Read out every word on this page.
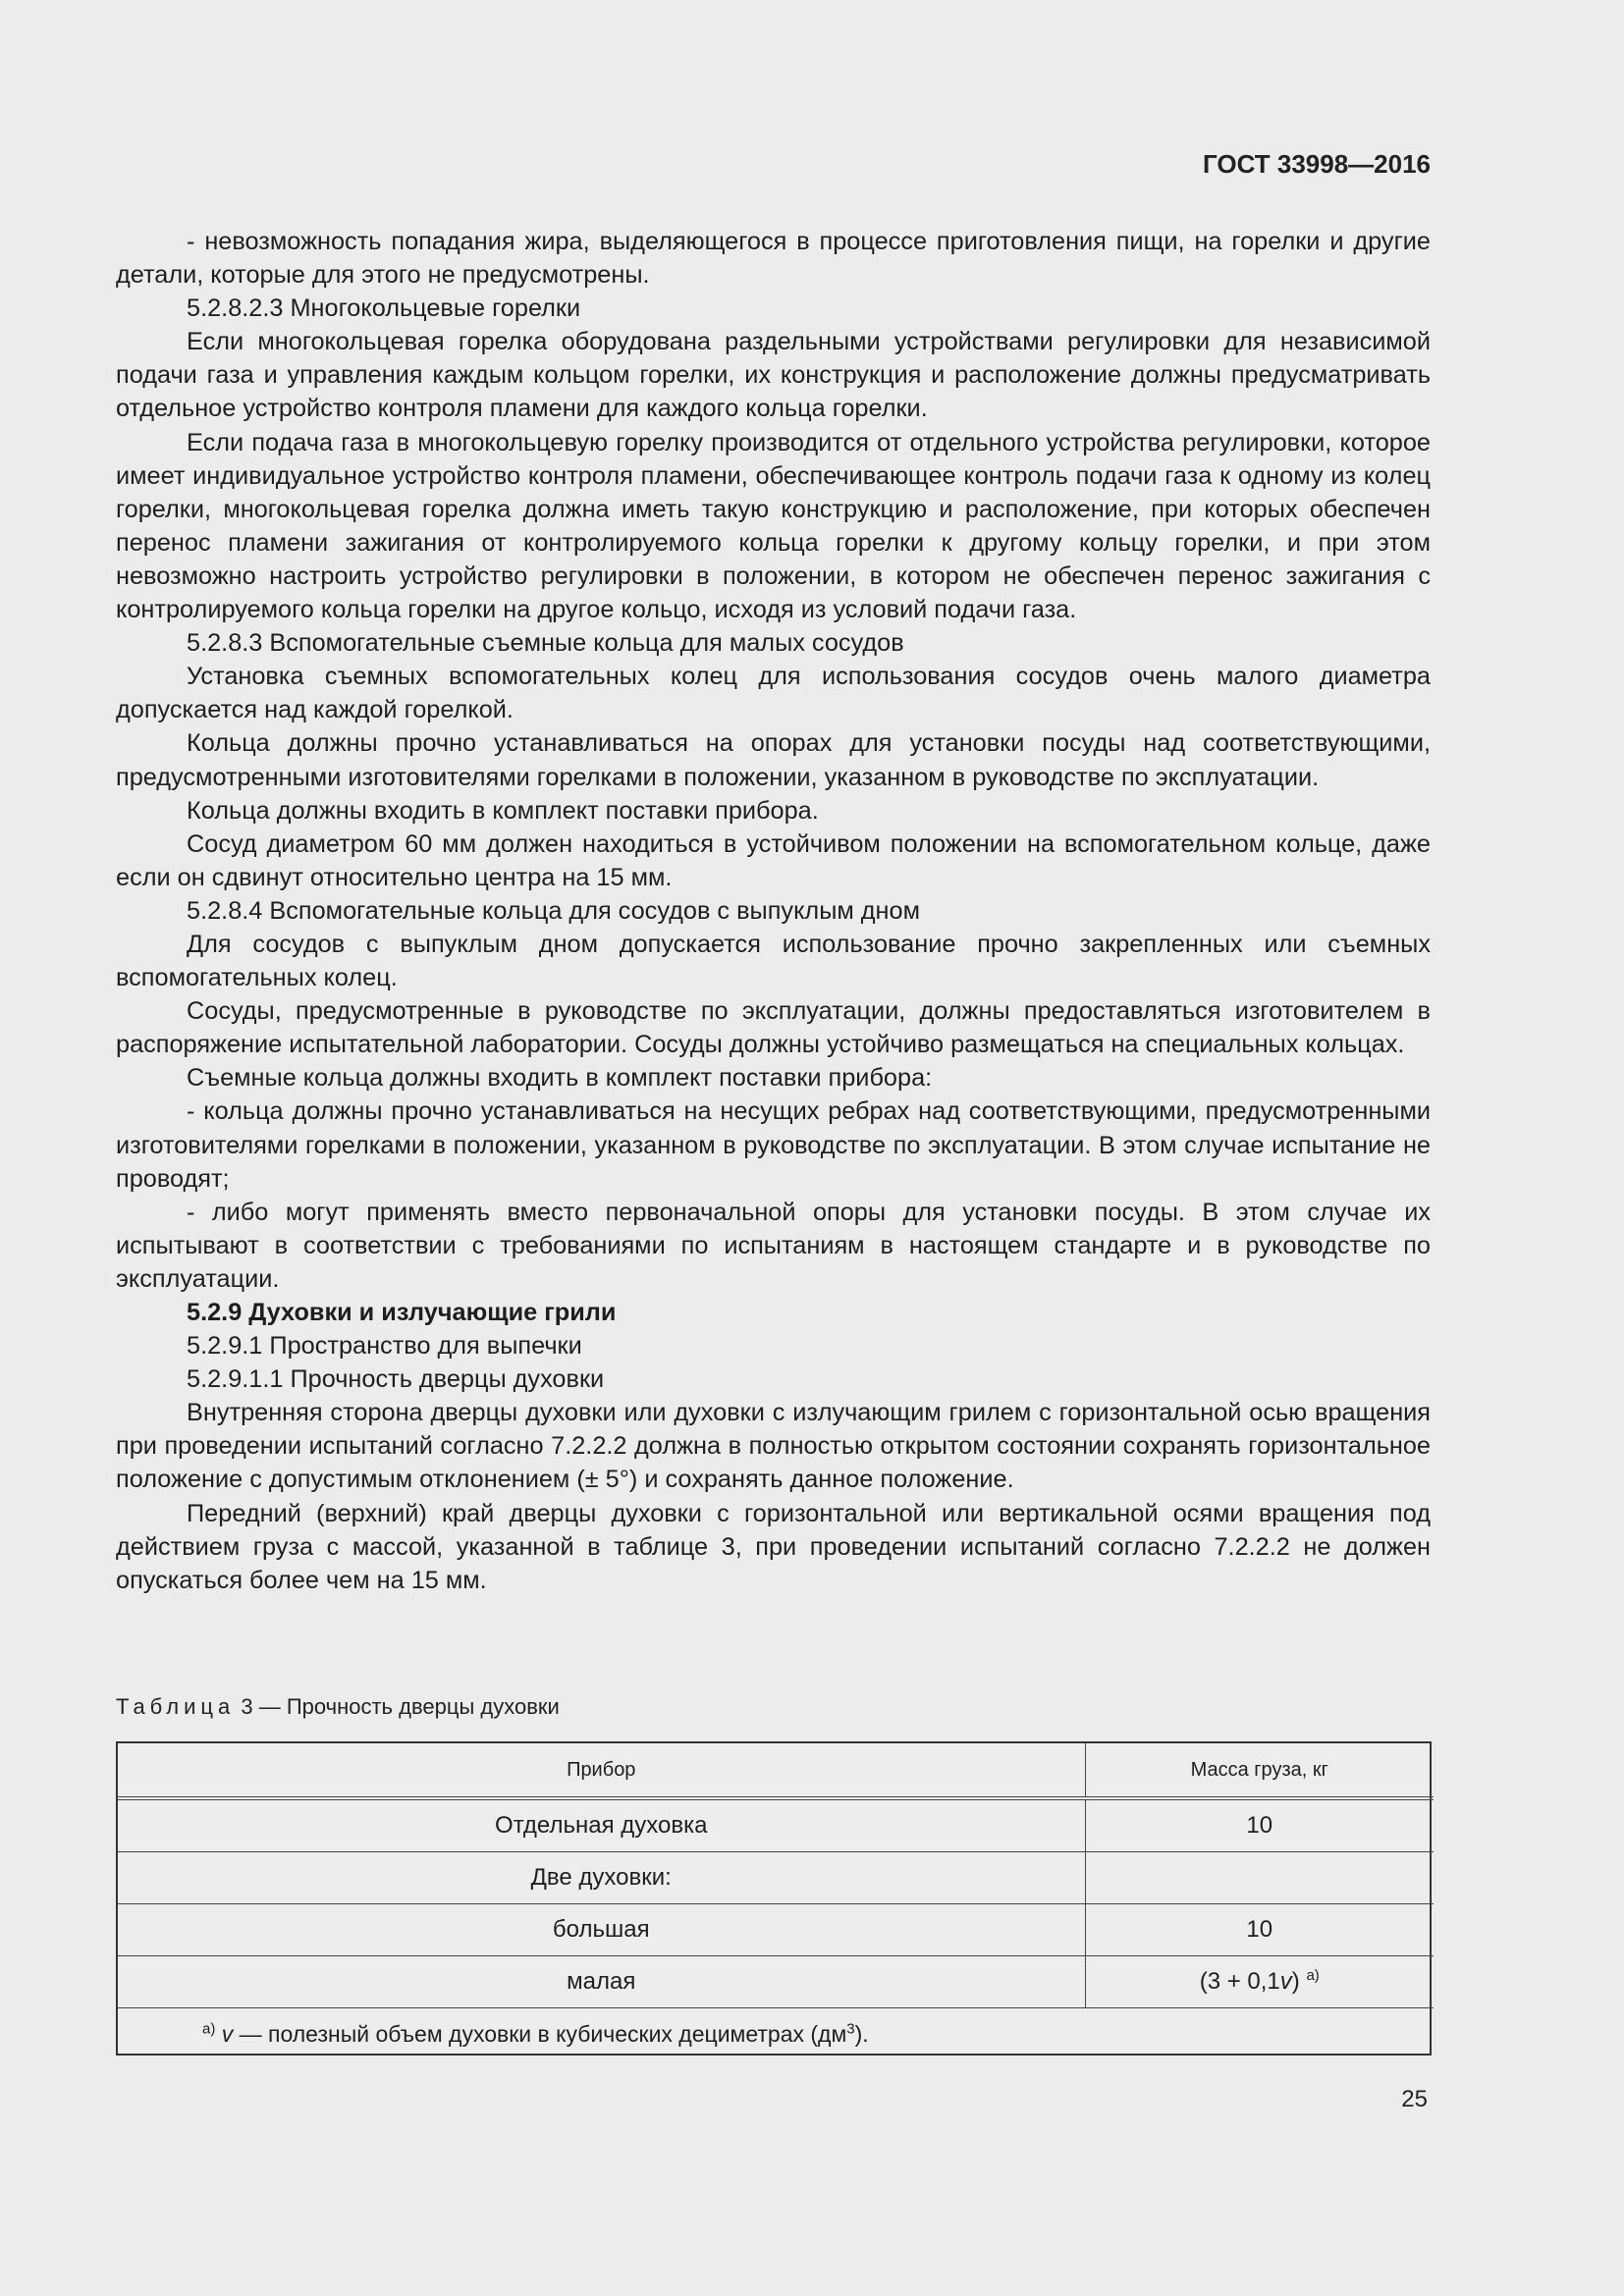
ГОСТ 33998—2016

- невозможность попадания жира, выделяющегося в процессе приготовления пищи, на горелки и другие детали, которые для этого не предусмотрены.

5.2.8.2.3 Многокольцевые горелки

Если многокольцевая горелка оборудована раздельными устройствами регулировки для независимой подачи газа и управления каждым кольцом горелки, их конструкция и расположение должны предусматривать отдельное устройство контроля пламени для каждого кольца горелки.

Если подача газа в многокольцевую горелку производится от отдельного устройства регулировки, которое имеет индивидуальное устройство контроля пламени, обеспечивающее контроль подачи газа к одному из колец горелки, многокольцевая горелка должна иметь такую конструкцию и расположение, при которых обеспечен перенос пламени зажигания от контролируемого кольца горелки к другому кольцу горелки, и при этом невозможно настроить устройство регулировки в положении, в котором не обеспечен перенос зажигания с контролируемого кольца горелки на другое кольцо, исходя из условий подачи газа.

5.2.8.3 Вспомогательные съемные кольца для малых сосудов

Установка съемных вспомогательных колец для использования сосудов очень малого диаметра допускается над каждой горелкой.

Кольца должны прочно устанавливаться на опорах для установки посуды над соответствующими, предусмотренными изготовителями горелками в положении, указанном в руководстве по эксплуатации.

Кольца должны входить в комплект поставки прибора.

Сосуд диаметром 60 мм должен находиться в устойчивом положении на вспомогательном кольце, даже если он сдвинут относительно центра на 15 мм.

5.2.8.4 Вспомогательные кольца для сосудов с выпуклым дном

Для сосудов с выпуклым дном допускается использование прочно закрепленных или съемных вспомогательных колец.

Сосуды, предусмотренные в руководстве по эксплуатации, должны предоставляться изготовителем в распоряжение испытательной лаборатории. Сосуды должны устойчиво размещаться на специальных кольцах.

Съемные кольца должны входить в комплект поставки прибора:

- кольца должны прочно устанавливаться на несущих ребрах над соответствующими, предусмотренными изготовителями горелками в положении, указанном в руководстве по эксплуатации. В этом случае испытание не проводят;

- либо могут применять вместо первоначальной опоры для установки посуды. В этом случае их испытывают в соответствии с требованиями по испытаниям в настоящем стандарте и в руководстве по эксплуатации.

5.2.9 Духовки и излучающие грили

5.2.9.1 Пространство для выпечки

5.2.9.1.1 Прочность дверцы духовки

Внутренняя сторона дверцы духовки или духовки с излучающим грилем с горизонтальной осью вращения при проведении испытаний согласно 7.2.2.2 должна в полностью открытом состоянии сохранять горизонтальное положение с допустимым отклонением (± 5°) и сохранять данное положение.

Передний (верхний) край дверцы духовки с горизонтальной или вертикальной осями вращения под действием груза с массой, указанной в таблице 3, при проведении испытаний согласно 7.2.2.2 не должен опускаться более чем на 15 мм.

Таблица 3 — Прочность дверцы духовки
Прибор	Масса груза, кг
Отдельная духовка	10
Две духовки:	
большая	10
малая	(3 + 0,1v) $^{a)}$
$^{a)}$ v — полезный объем духовки в кубических дециметрах $(дм^3)$.	
25
